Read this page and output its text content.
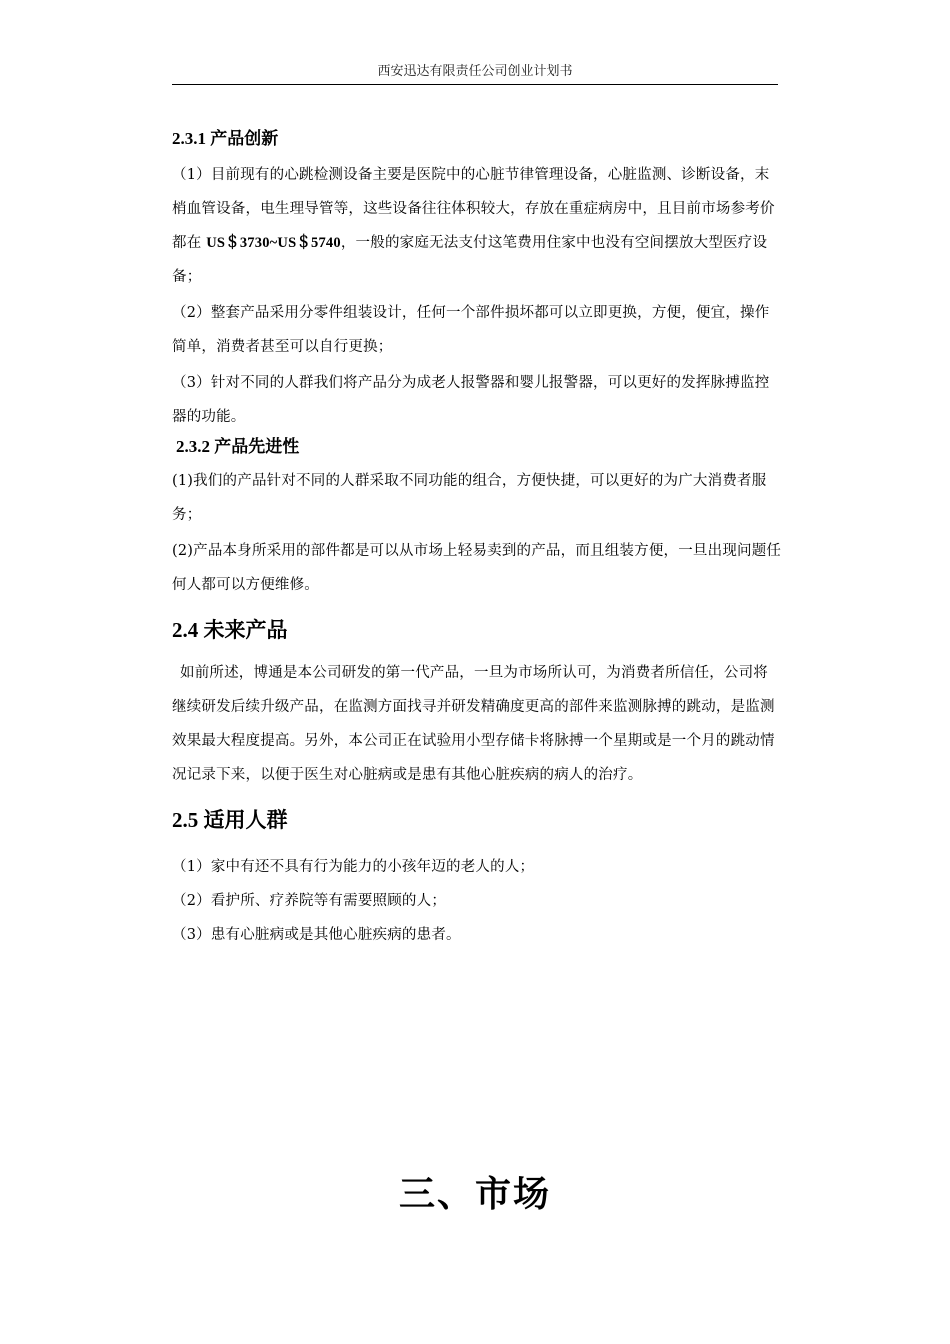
西安迅达有限责任公司创业计划书
2.3.1 产品创新

（1）目前现有的心跳检测设备主要是医院中的心脏节律管理设备，心脏监测、诊断设备，末梢血管设备，电生理导管等，这些设备往往体积较大，存放在重症病房中，且目前市场参考价都在 US＄3730~US＄5740，一般的家庭无法支付这笔费用住家中也没有空间摆放大型医疗设备；

（2）整套产品采用分零件组装设计，任何一个部件损坏都可以立即更换，方便，便宜，操作简单，消费者甚至可以自行更换；

（3）针对不同的人群我们将产品分为成老人报警器和婴儿报警器，可以更好的发挥脉搏监控器的功能。

2.3.2 产品先进性

(1)我们的产品针对不同的人群采取不同功能的组合，方便快捷，可以更好的为广大消费者服务；

(2)产品本身所采用的部件都是可以从市场上轻易卖到的产品，而且组装方便，一旦出现问题任何人都可以方便维修。

2.4 未来产品

如前所述，博通是本公司研发的第一代产品，一旦为市场所认可，为消费者所信任，公司将继续研发后续升级产品，在监测方面找寻并研发精确度更高的部件来监测脉搏的跳动，是监测效果最大程度提高。另外，本公司正在试验用小型存储卡将脉搏一个星期或是一个月的跳动情况记录下来，以便于医生对心脏病或是患有其他心脏疾病的病人的治疗。

2.5 适用人群

（1）家中有还不具有行为能力的小孩年迈的老人的人；

（2）看护所、疗养院等有需要照顾的人；

（3）患有心脏病或是其他心脏疾病的患者。

三、市场
